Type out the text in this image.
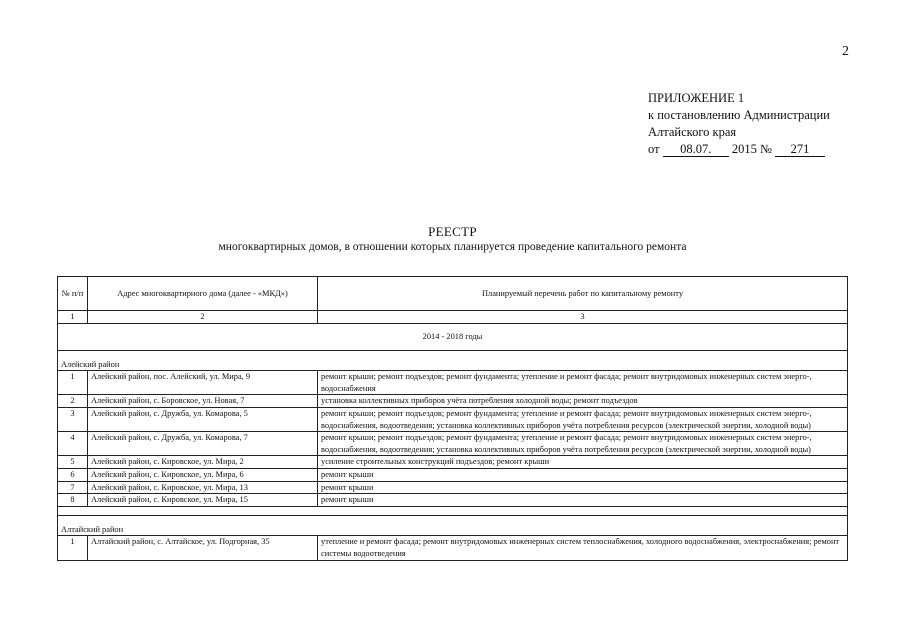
2
ПРИЛОЖЕНИЕ 1
к постановлению Администрации
Алтайского края
от 08.07. 2015 № 271
РЕЕСТР
многоквартирных домов, в отношении которых планируется проведение капитального ремонта
№ п/п	Адрес многоквартирного дома (далее - «МКД»)	Планируемый перечень работ по капитальному ремонту
1	2	3
2014 - 2018 годы		
Алейский район		
1	Алейский район, пос. Алейский, ул. Мира, 9	ремонт крыши; ремонт подъездов; ремонт фундамента; утепление и ремонт фасада; ремонт внутридомовых инженерных систем энерго-, водоснабжения
2	Алейский район, с. Боровское, ул. Новая, 7	установка коллективных приборов учёта потребления холодной воды; ремонт подъездов
3	Алейский район, с. Дружба, ул. Комарова, 5	ремонт крыши; ремонт подъездов; ремонт фундамента; утепление и ремонт фасада; ремонт внутридомовых инженерных систем энерго-, водоснабжения, водоотведения; установка коллективных приборов учёта потребления ресурсов (электрической энергии, холодной воды)
4	Алейский район, с. Дружба, ул. Комарова, 7	ремонт крыши; ремонт подъездов; ремонт фундамента; утепление и ремонт фасада; ремонт внутридомовых инженерных систем энерго-, водоснабжения, водоотведения; установка коллективных приборов учёта потребления ресурсов (электрической энергии, холодной воды)
5	Алейский район, с. Кировское, ул. Мира, 2	усиление строительных конструкций подъездов; ремонт крыши
6	Алейский район, с. Кировское, ул. Мира, 6	ремонт крыши
7	Алейский район, с. Кировское, ул. Мира, 13	ремонт крыши
8	Алейский район, с. Кировское, ул. Мира, 15	ремонт крыши

Алтайский район		
1	Алтайский район, с. Алтайское, ул. Подгорная, 35	утепление и ремонт фасада; ремонт внутридомовых инженерных систем теплоснабжения, холодного водоснабжения, электроснабжения; ремонт системы водоотведения
